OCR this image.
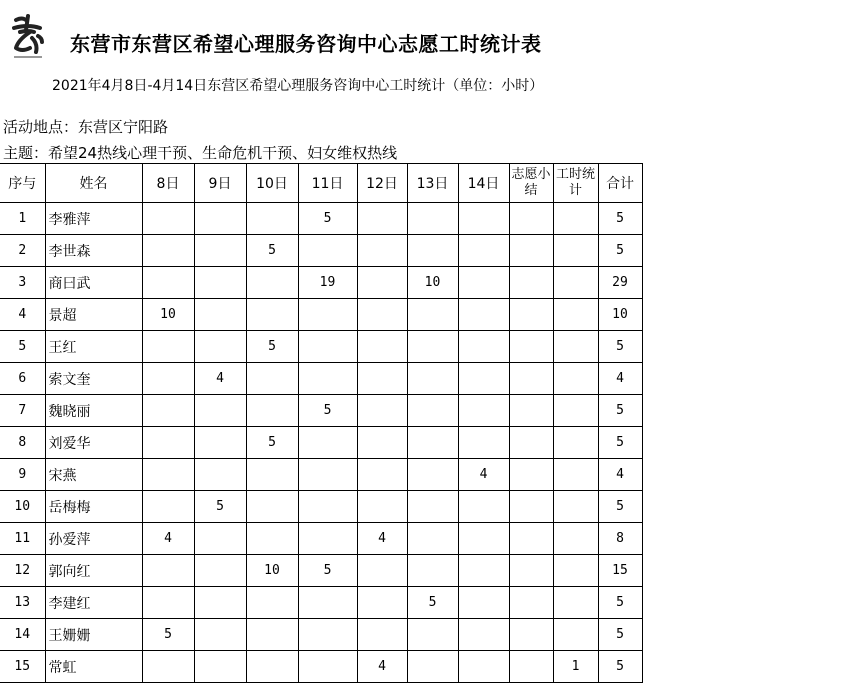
东营市东营区希望心理服务咨询中心志愿工时统计表
2021年4月8日-4月14日东营区希望心理服务咨询中心工时统计（单位：小时）
活动地点：东营区宁阳路
主题：希望24热线心理干预、生命危机干预、妇女维权热线
序与	姓名	8日	9日	10日	11日	12日	13日	14日	志愿小结	工时统计	合计
1	李雅萍				5						5
2	李世森			5							5
3	商曰武				19		10				29
4	景超	10									10
5	王红			5							5
6	索文奎		4								4
7	魏晓丽				5						5
8	刘爱华			5							5
9	宋燕							4			4
10	岳梅梅		5								5
11	孙爱萍	4				4					8
12	郭向红			10	5						15
13	李建红						5				5
14	王姗姗	5									5
15	常虹					4				1	5
